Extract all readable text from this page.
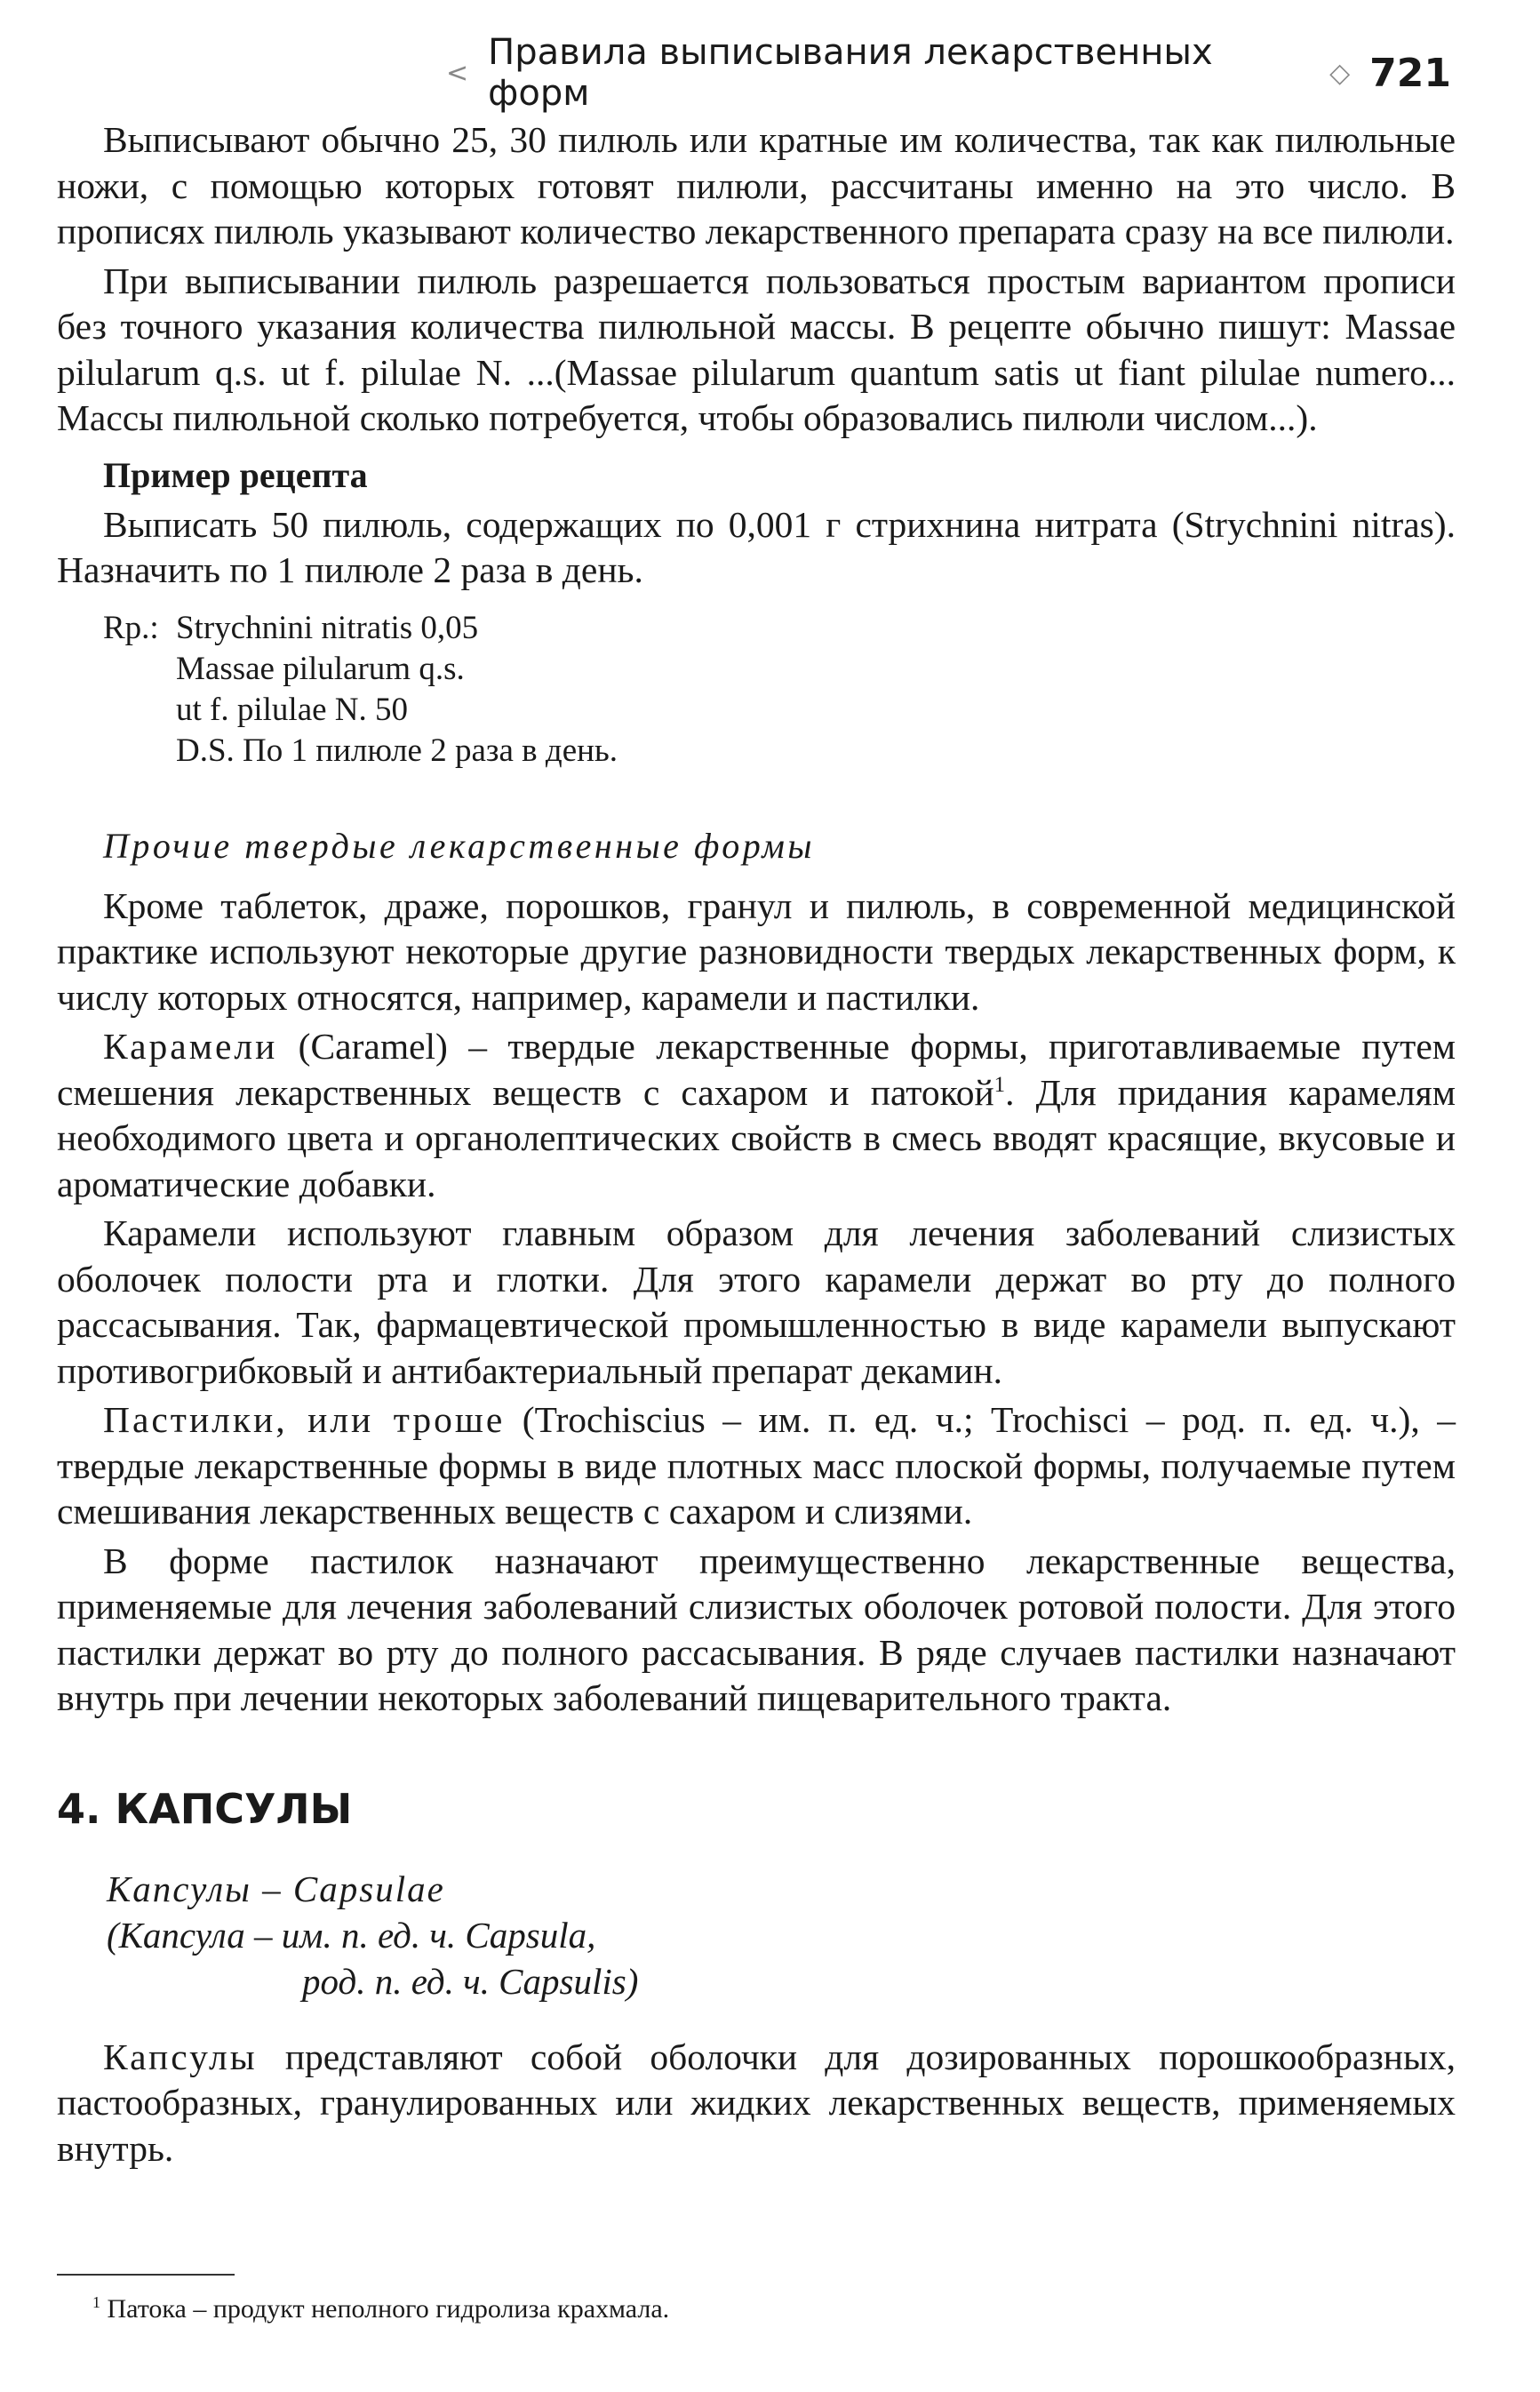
< Правила выписывания лекарственных форм	◇ 721

Выписывают обычно 25, 30 пилюль или кратные им количества, так как пилюльные ножи, с помощью которых готовят пилюли, рассчитаны именно на это число. В прописях пилюль указывают количество лекарственного препарата сразу на все пилюли.

При выписывании пилюль разрешается пользоваться простым вариантом прописи без точного указания количества пилюльной массы. В рецепте обычно пишут: Massae pilularum q.s. ut f. pilulae N. ...(Massae pilularum quantum satis ut fiant pilulae numero... Массы пилюльной сколько потребуется, чтобы образовались пилюли числом...).

Пример рецепта

Выписать 50 пилюль, содержащих по 0,001 г стрихнина нитрата (Strychnini nitras). Назначить по 1 пилюле 2 раза в день.

Rp.: Strychnini nitratis 0,05
Massae pilularum q.s.
ut f. pilulae N. 50
D.S. По 1 пилюле 2 раза в день.
Прочие твердые лекарственные формы

Кроме таблеток, драже, порошков, гранул и пилюль, в современной медицинской практике используют некоторые другие разновидности твердых лекарственных форм, к числу которых относятся, например, карамели и пастилки.

Карамели (Caramel) – твердые лекарственные формы, приготавливаемые путем смешения лекарственных веществ с сахаром и патокой$^1$. Для придания карамелям необходимого цвета и органолептических свойств в смесь вводят красящие, вкусовые и ароматические добавки.

Карамели используют главным образом для лечения заболеваний слизистых оболочек полости рта и глотки. Для этого карамели держат во рту до полного рассасывания. Так, фармацевтической промышленностью в виде карамели выпускают противогрибковый и антибактериальный препарат декамин.

Пастилки, или троше (Trochiscius – им. п. ед. ч.; Trochisci – род. п. ед. ч.), – твердые лекарственные формы в виде плотных масс плоской формы, получаемые путем смешивания лекарственных веществ с сахаром и слизями.

В форме пастилок назначают преимущественно лекарственные вещества, применяемые для лечения заболеваний слизистых оболочек ротовой полости. Для этого пастилки держат во рту до полного рассасывания. В ряде случаев пастилки назначают внутрь при лечении некоторых заболеваний пищеварительного тракта.

4. КАПСУЛЫ
Капсулы – Capsulae
(Капсула – им. п. ед. ч. Capsula,
род. п. ед. ч. Capsulis)

Капсулы представляют собой оболочки для дозированных порошкообразных, пастообразных, гранулированных или жидких лекарственных веществ, применяемых внутрь.

$^1$ Патока – продукт неполного гидролиза крахмала.
